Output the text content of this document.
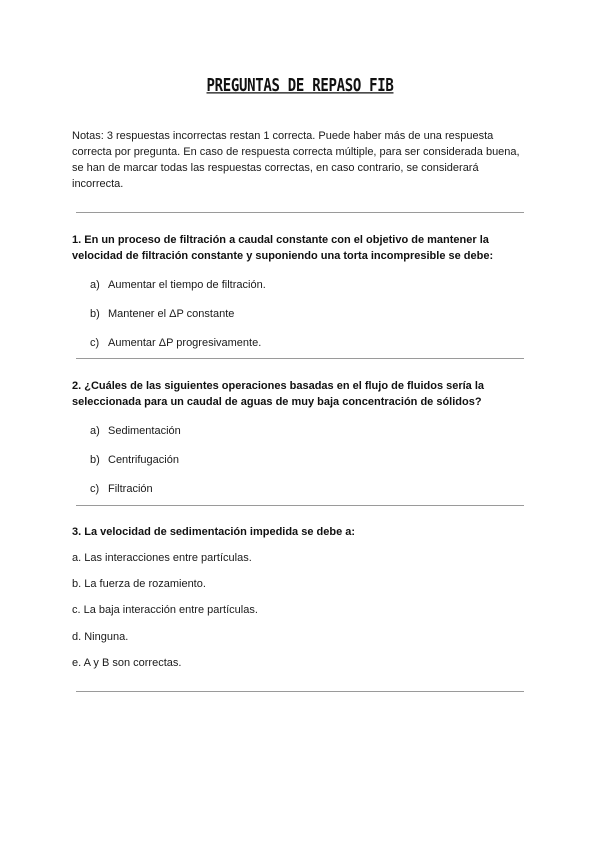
PREGUNTAS DE REPASO FIB
Notas: 3 respuestas incorrectas restan 1 correcta. Puede haber más de una respuesta correcta por pregunta. En caso de respuesta correcta múltiple, para ser considerada buena, se han de marcar todas las respuestas correctas, en caso contrario, se considerará incorrecta.
1. En un proceso de filtración a caudal constante con el objetivo de mantener la velocidad de filtración constante y suponiendo una torta incompresible se debe:
a) Aumentar el tiempo de filtración.
b) Mantener el ΔP constante
c) Aumentar ΔP progresivamente.
2. ¿Cuáles de las siguientes operaciones basadas en el flujo de fluidos sería la seleccionada para un caudal de aguas de muy baja concentración de sólidos?
a) Sedimentación
b) Centrifugación
c) Filtración
3. La velocidad de sedimentación impedida se debe a:
a. Las interacciones entre partículas.
b. La fuerza de rozamiento.
c. La baja interacción entre partículas.
d. Ninguna.
e. A y B son correctas.
